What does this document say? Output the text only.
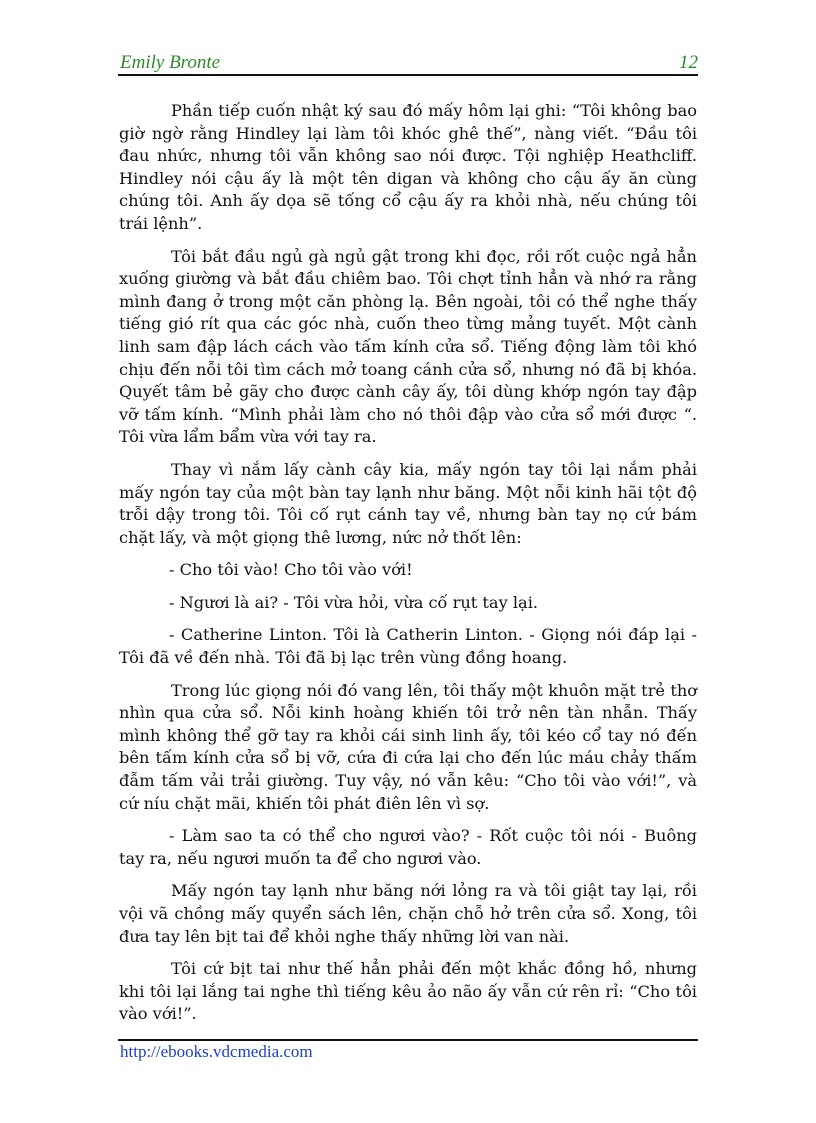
Emily Bronte	12

Phần tiếp cuốn nhật ký sau đó mấy hôm lại ghi: “Tôi không bao giờ ngờ rằng Hindley lại làm tôi khóc ghê thế”, nàng viết. “Đầu tôi đau nhức, nhưng tôi vẫn không sao nói được. Tội nghiệp Heathcliff. Hindley nói cậu ấy là một tên digan và không cho cậu ấy ăn cùng chúng tôi. Anh ấy dọa sẽ tống cổ cậu ấy ra khỏi nhà, nếu chúng tôi trái lệnh”.

Tôi bắt đầu ngủ gà ngủ gật trong khi đọc, rồi rốt cuộc ngả hẳn xuống giường và bắt đầu chiêm bao. Tôi chợt tỉnh hẳn và nhớ ra rằng mình đang ở trong một căn phòng lạ. Bên ngoài, tôi có thể nghe thấy tiếng gió rít qua các góc nhà, cuốn theo từng mảng tuyết. Một cành linh sam đập lách cách vào tấm kính cửa sổ. Tiếng động làm tôi khó chịu đến nỗi tôi tìm cách mở toang cánh cửa sổ, nhưng nó đã bị khóa. Quyết tâm bẻ gãy cho được cành cây ấy, tôi dùng khớp ngón tay đập vỡ tấm kính. “Mình phải làm cho nó thôi đập vào cửa sổ mới được “. Tôi vừa lẩm bẩm vừa với tay ra.

Thay vì nắm lấy cành cây kia, mấy ngón tay tôi lại nắm phải mấy ngón tay của một bàn tay lạnh như băng. Một nỗi kinh hãi tột độ trỗi dậy trong tôi. Tôi cố rụt cánh tay về, nhưng bàn tay nọ cứ bám chặt lấy, và một giọng thê lương, nức nở thốt lên:

- Cho tôi vào! Cho tôi vào với!

- Ngươi là ai? - Tôi vừa hỏi, vừa cố rụt tay lại.

- Catherine Linton. Tôi là Catherin Linton. - Giọng nói đáp lại - Tôi đã về đến nhà. Tôi đã bị lạc trên vùng đồng hoang.

Trong lúc giọng nói đó vang lên, tôi thấy một khuôn mặt trẻ thơ nhìn qua cửa sổ. Nỗi kinh hoàng khiến tôi trở nên tàn nhẫn. Thấy mình không thể gỡ tay ra khỏi cái sinh linh ấy, tôi kéo cổ tay nó đến bên tấm kính cửa sổ bị vỡ, cứa đi cứa lại cho đến lúc máu chảy thấm đẫm tấm vải trải giường. Tuy vậy, nó vẫn kêu: “Cho tôi vào với!”, và cứ níu chặt mãi, khiến tôi phát điên lên vì sợ.

- Làm sao ta có thể cho ngươi vào? - Rốt cuộc tôi nói - Buông tay ra, nếu ngươi muốn ta để cho ngươi vào.

Mấy ngón tay lạnh như băng nới lỏng ra và tôi giật tay lại, rồi vội vã chồng mấy quyển sách lên, chặn chỗ hở trên cửa sổ. Xong, tôi đưa tay lên bịt tai để khỏi nghe thấy những lời van nài.

Tôi cứ bịt tai như thế hẳn phải đến một khắc đồng hồ, nhưng khi tôi lại lắng tai nghe thì tiếng kêu ảo não ấy vẫn cứ rên rỉ: “Cho tôi vào với!”.

http://ebooks.vdcmedia.com
